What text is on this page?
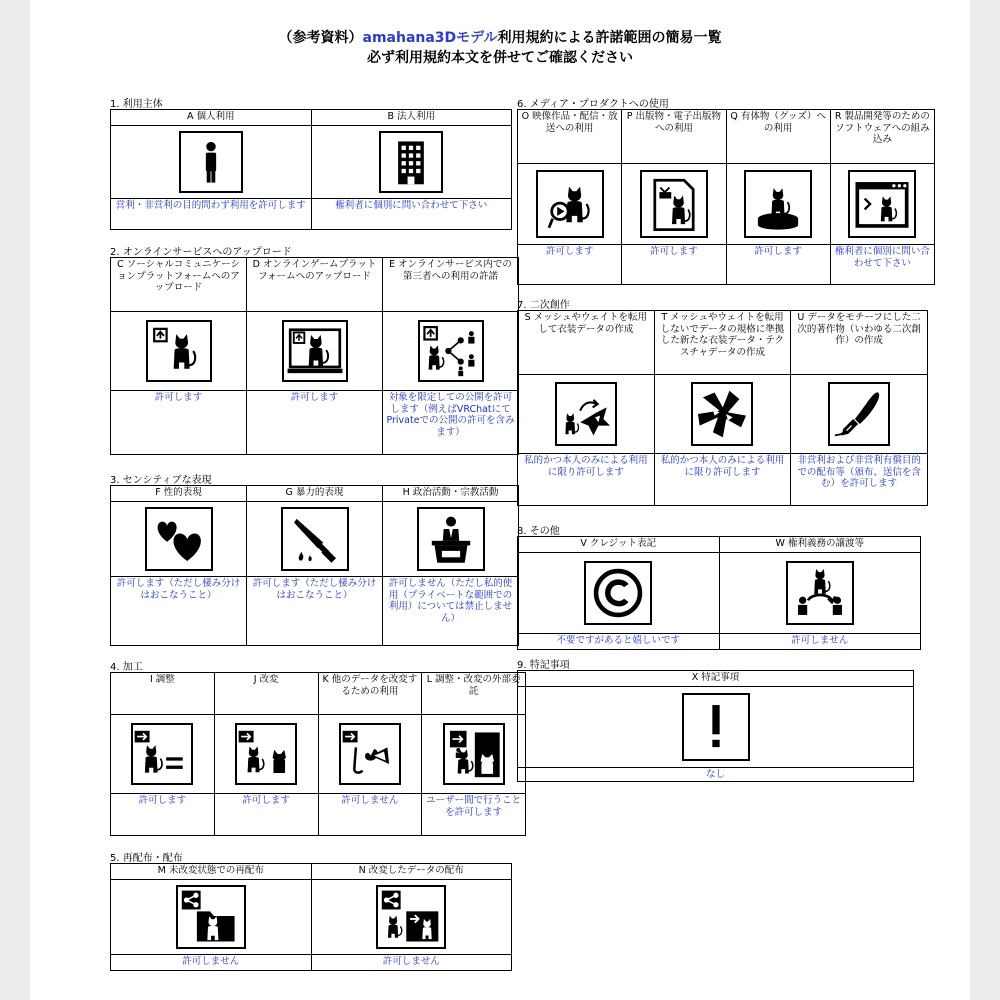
（参考資料）amahana3Dモデル利用規約による許諾範囲の簡易一覧
必ず利用規約本文を併せてご確認ください
1. 利用主体
A 個人利用	B 法人利用

営利・非営利の目的問わず利用を許可します	権利者に個別に問い合わせて下さい
2. オンラインサービスへのアップロード
C ソーシャルコミュニケーションプラットフォームへのアップロード	D オンラインゲームプラットフォームへのアップロード	E オンラインサービス内での第三者への利用の許諾

許可します	許可します	対象を限定しての公開を許可します（例えばVRChatにてPrivateでの公開の許可を含みます）
3. センシティブな表現
F 性的表現	G 暴力的表現	H 政治活動・宗教活動

許可します（ただし棲み分けはおこなうこと）	許可します（ただし棲み分けはおこなうこと）	許可しません（ただし私的使用（プライベートな範囲での利用）については禁止しません）
4. 加工
I 調整	J 改変	K 他のデータを改変するための利用	L 調整・改変の外部委託

許可します	許可します	許可しません	ユーザー間で行うことを許可します
5. 再配布・配布
M 未改変状態での再配布	N 改変したデータの配布

許可しません	許可しません
6. メディア・プロダクトへの使用
O 映像作品・配信・放送への利用	P 出版物・電子出版物への利用	Q 有体物（グッズ）への利用	R 製品開発等のためのソフトウェアへの組み込み

許可します	許可します	許可します	権利者に個別に問い合わせて下さい
7. 二次創作
S メッシュやウェイトを転用して衣装データの作成	T メッシュやウェイトを転用しないでデータの規格に準拠した新たな衣装データ・テクスチャデータの作成	U データをモチーフにした二次的著作物（いわゆる二次創作）の作成

私的かつ本人のみによる利用に限り許可します	私的かつ本人のみによる利用に限り許可します	非営利および非営利有償目的での配布等（頒布、送信を含む）を許可します
8. その他
V クレジット表記	W 権利義務の譲渡等

不要ですがあると嬉しいです	許可しません
9. 特記事項
X 特記事項

なし
